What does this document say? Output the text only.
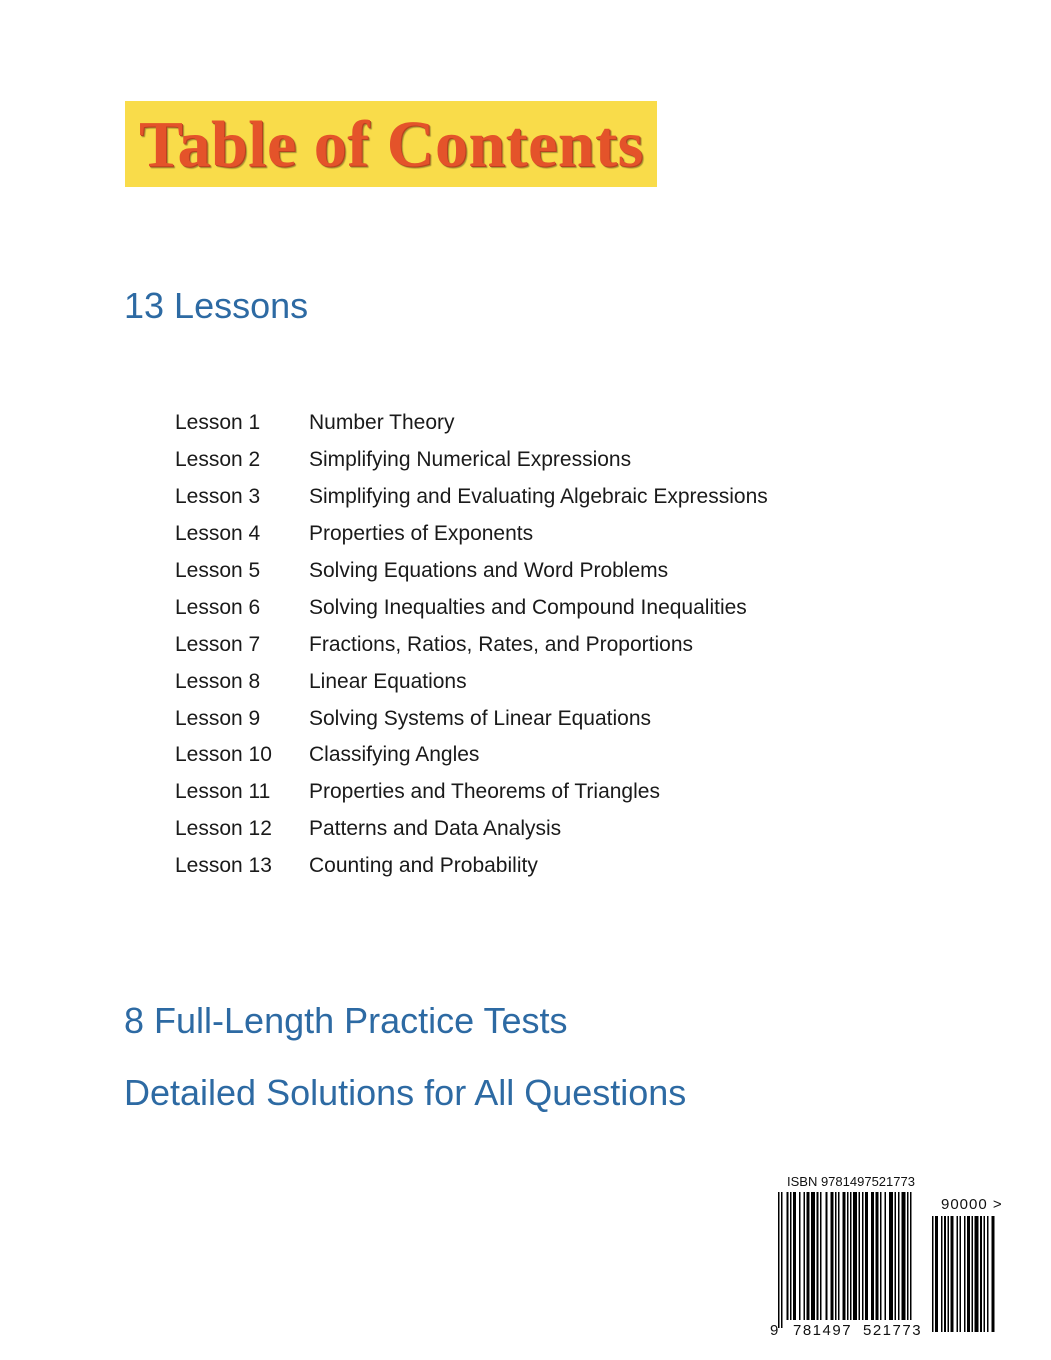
Table of Contents
13 Lessons
Lesson 1	Number Theory
Lesson 2	Simplifying Numerical Expressions
Lesson 3	Simplifying and Evaluating Algebraic Expressions
Lesson 4	Properties of Exponents
Lesson 5	Solving Equations and Word Problems
Lesson 6	Solving Inequalties and Compound Inequalities
Lesson 7	Fractions, Ratios, Rates, and Proportions
Lesson 8	Linear Equations
Lesson 9	Solving Systems of Linear Equations
Lesson 10	Classifying Angles
Lesson 11	Properties and Theorems of Triangles
Lesson 12	Patterns and Data Analysis
Lesson 13	Counting and Probability
8 Full-Length Practice Tests
Detailed Solutions for All Questions
ISBN 9781497521773
90000 >
9 781497 521773
